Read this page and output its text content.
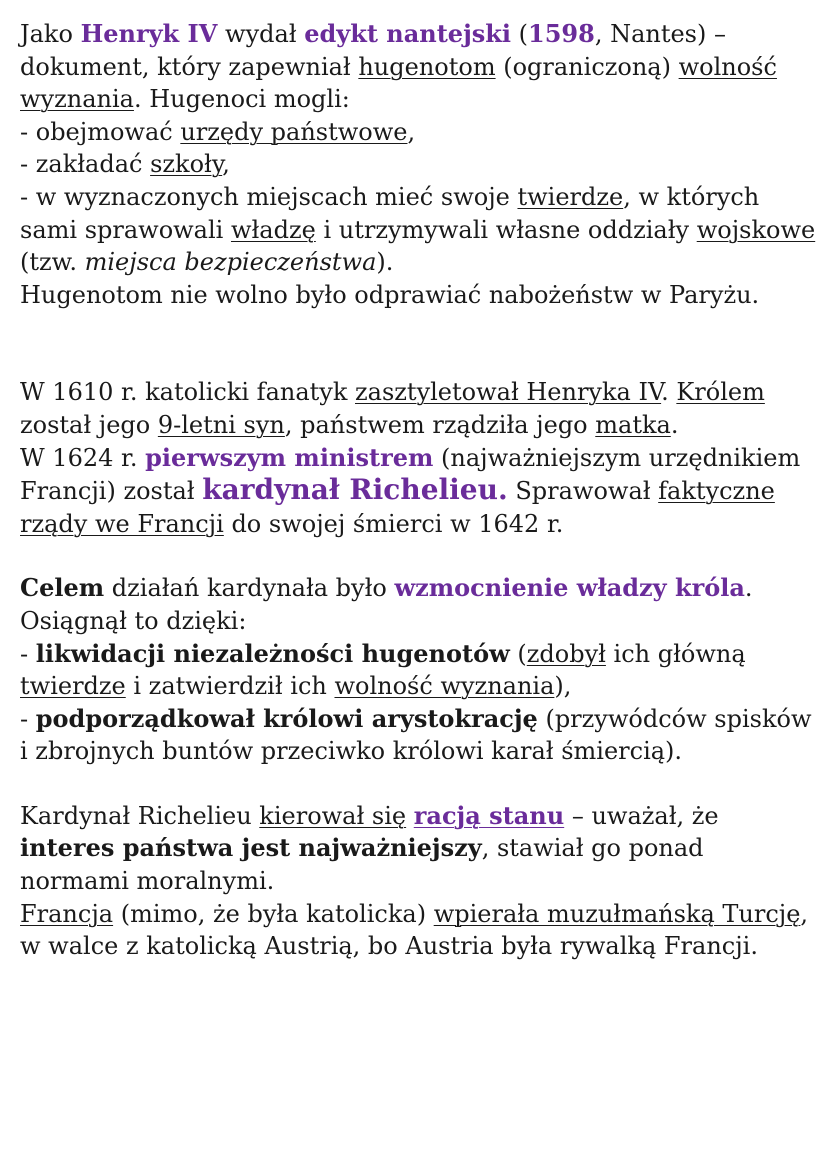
Jako Henryk IV wydał edykt nantejski (1598, Nantes) – dokument, który zapewniał hugenotom (ograniczoną) wolność wyznania. Hugenoci mogli:
- obejmować urzędy państwowe,
- zakładać szkoły,
- w wyznaczonych miejscach mieć swoje twierdze, w których sami sprawowali władzę i utrzymywali własne oddziały wojskowe (tzw. miejsca bezpieczeństwa).
Hugenotom nie wolno było odprawiać nabożeństw w Paryżu.

W 1610 r. katolicki fanatyk zasztyletował Henryka IV. Królem został jego 9-letni syn, państwem rządziła jego matka.
W 1624 r. pierwszym ministrem (najważniejszym urzędnikiem Francji) został kardynał Richelieu. Sprawował faktyczne rządy we Francji do swojej śmierci w 1642 r.

Celem działań kardynała było wzmocnienie władzy króla. Osiągnął to dzięki:
- likwidacji niezależności hugenotów (zdobył ich główną twierdze i zatwierdził ich wolność wyznania),
- podporządkował królowi arystokrację (przywódców spisków i zbrojnych buntów przeciwko królowi karał śmiercią).

Kardynał Richelieu kierował się racją stanu – uważał, że interes państwa jest najważniejszy, stawiał go ponad normami moralnymi.
Francja (mimo, że była katolicka) wpierała muzułmańską Turcję, w walce z katolicką Austrią, bo Austria była rywalką Francji.
